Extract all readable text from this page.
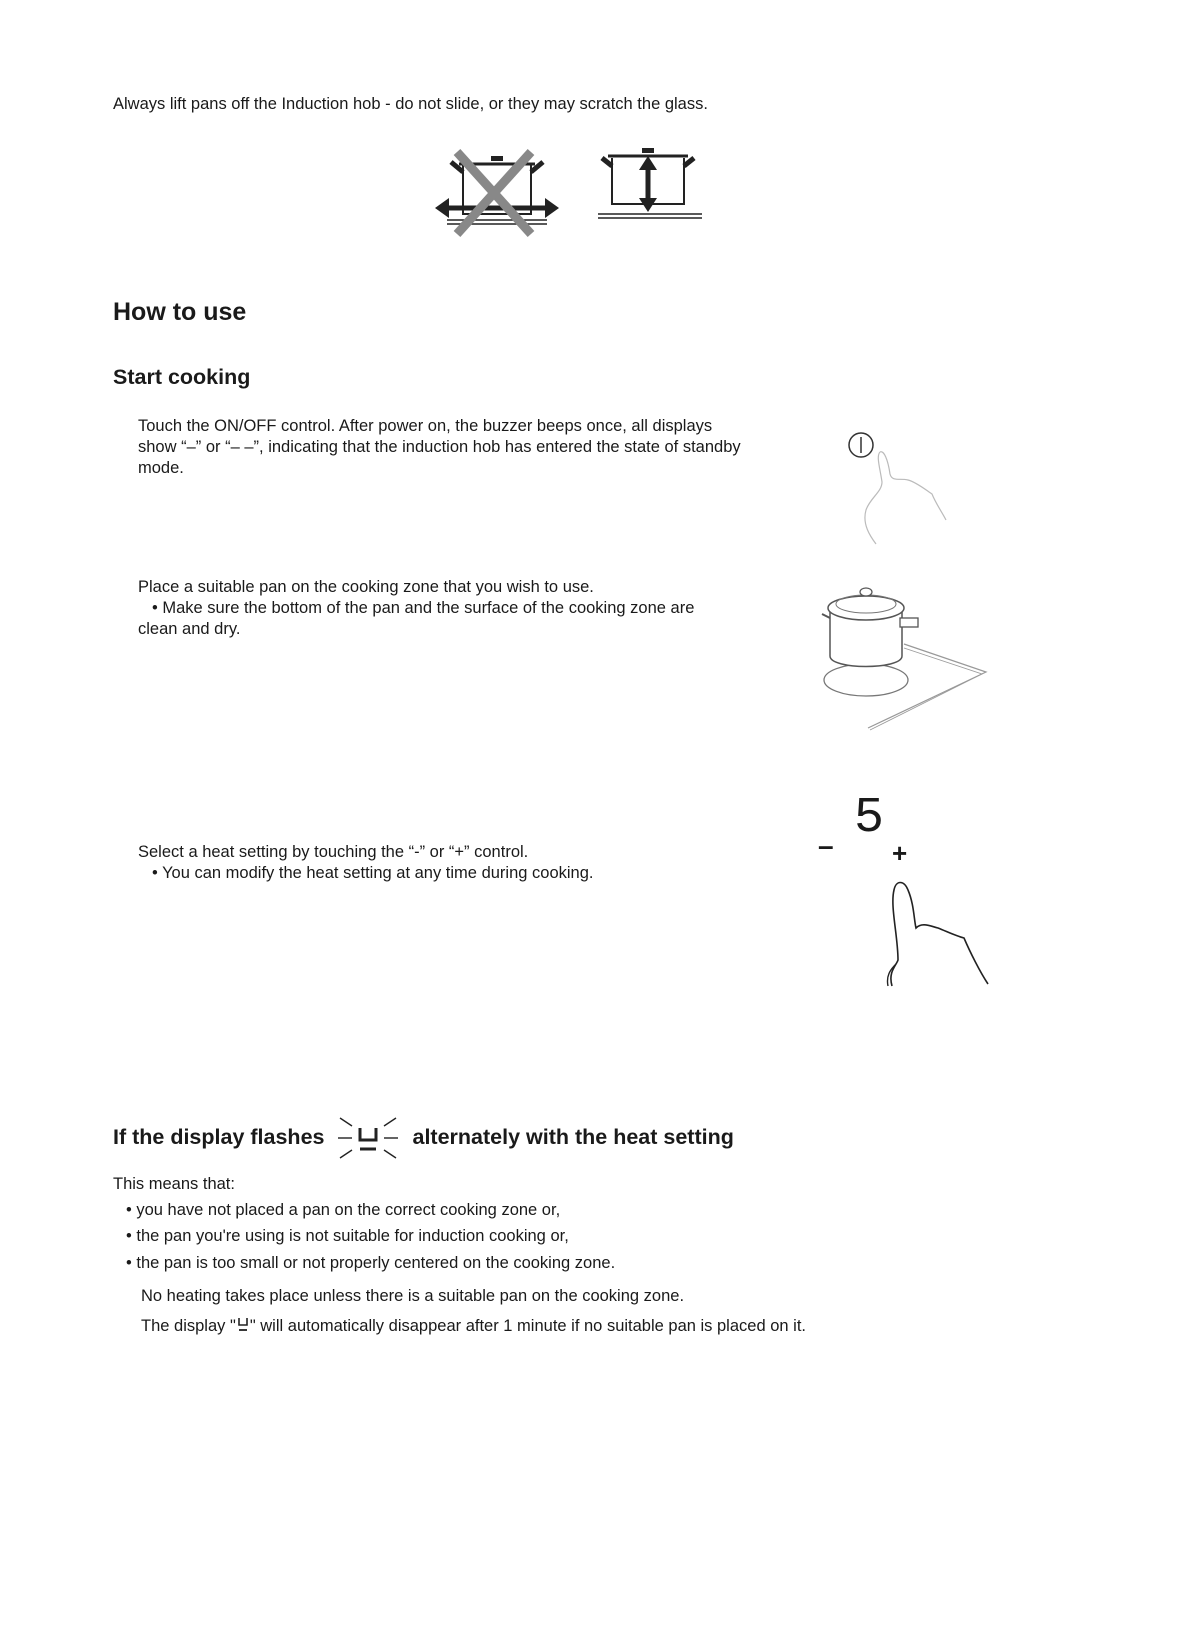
Always lift pans off the Induction hob - do not slide, or they may scratch the glass.

How to use
Start cooking

Touch the ON/OFF control. After power on, the buzzer beeps once, all displays show “–” or “– –”, indicating that the induction hob has entered the state of standby mode.

Place a suitable pan on the cooking zone that you wish to use.

• Make sure the bottom of the pan and the surface of the cooking zone are clean and dry.

Select a heat setting by touching the “-” or “+” control.

• You can modify the heat setting at any time during cooking.

– 5
+
If the display flashes	alternately with the heat setting

This means that:

• you have not placed a pan on the correct cooking zone or,

• the pan you're using is not suitable for induction cooking or,

• the pan is too small or not properly centered on the cooking zone.

No heating takes place unless there is a suitable pan on the cooking zone.

The display " " will automatically disappear after 1 minute if no suitable pan is placed on it.
